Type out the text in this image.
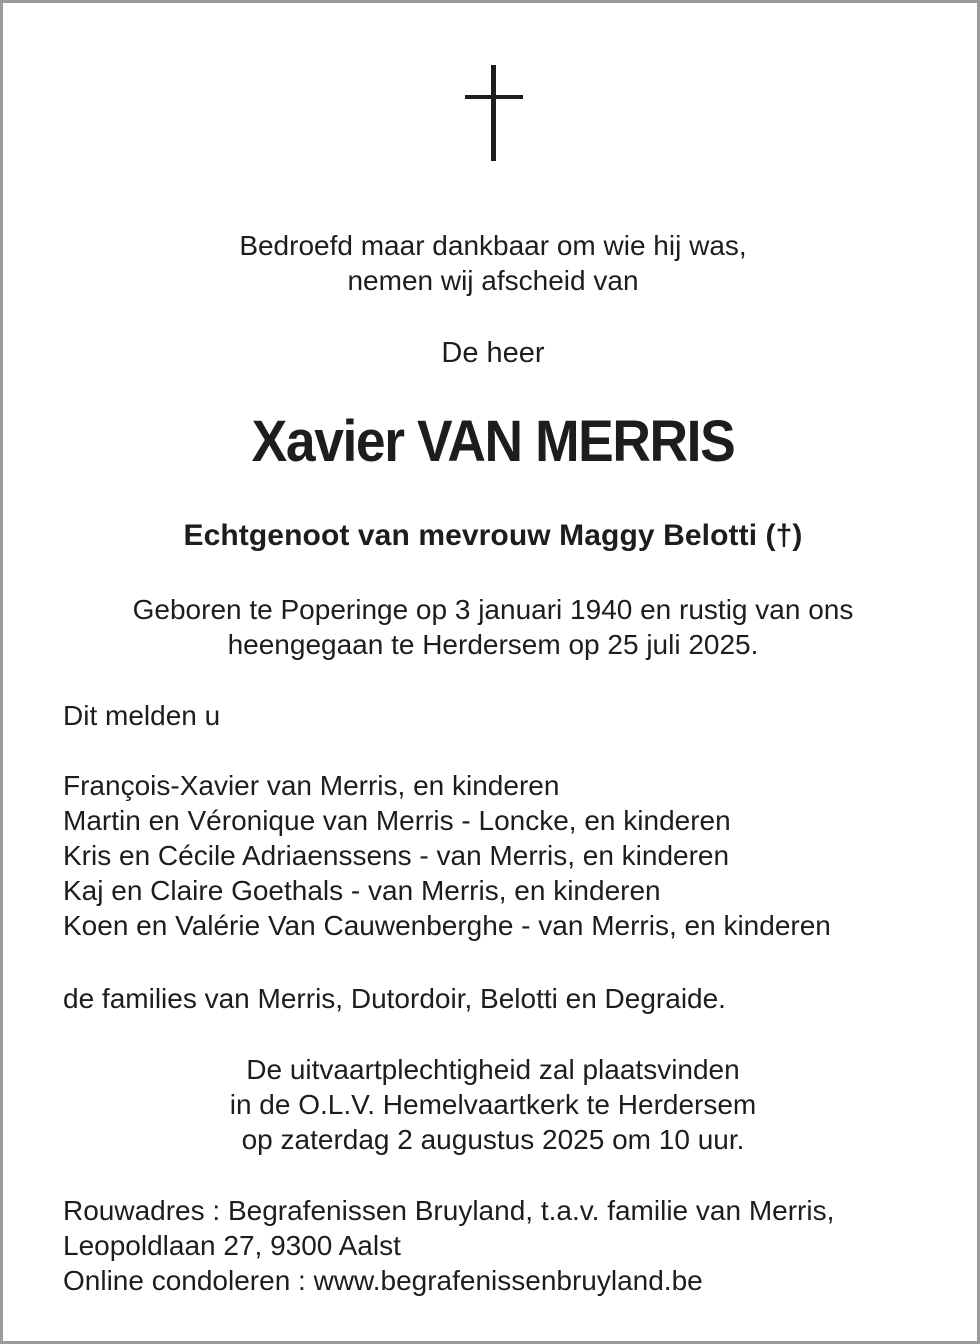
Bedroefd maar dankbaar om wie hij was,
nemen wij afscheid van
De heer
Xavier VAN MERRIS
Echtgenoot van mevrouw Maggy Belotti (†)
Geboren te Poperinge op 3 januari 1940 en rustig van ons
heengegaan te Herdersem op 25 juli 2025.
Dit melden u
François-Xavier van Merris, en kinderen
Martin en Véronique van Merris - Loncke, en kinderen
Kris en Cécile Adriaenssens - van Merris, en kinderen
Kaj en Claire Goethals - van Merris, en kinderen
Koen en Valérie Van Cauwenberghe - van Merris, en kinderen
de families van Merris, Dutordoir, Belotti en Degraide.
De uitvaartplechtigheid zal plaatsvinden
in de O.L.V. Hemelvaartkerk te Herdersem
op zaterdag 2 augustus 2025 om 10 uur.
Rouwadres : Begrafenissen Bruyland, t.a.v. familie van Merris,
Leopoldlaan 27, 9300 Aalst
Online condoleren : www.begrafenissenbruyland.be
